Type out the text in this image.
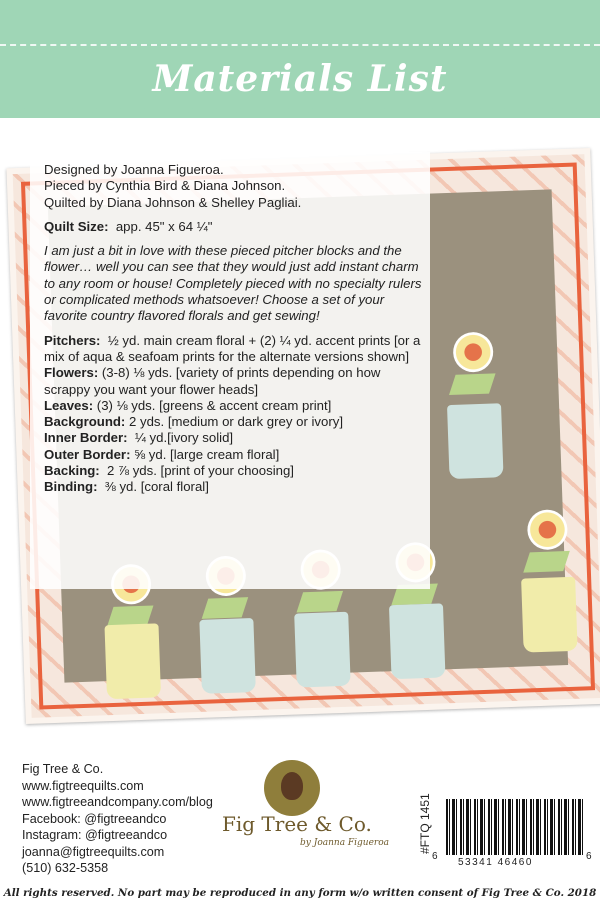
Materials List

Designed by Joanna Figueroa.

Pieced by Cynthia Bird & Diana Johnson.

Quilted by Diana Johnson & Shelley Pagliai.

Quilt Size: app. 45" x 64 ¼"

I am just a bit in love with these pieced pitcher blocks and the flower… well you can see that they would just add instant charm to any room or house! Completely pieced with no specialty rulers or complicated methods whatsoever! Choose a set of your favorite country flavored florals and get sewing!

Pitchers: ½ yd. main cream floral + (2) ¼ yd. accent prints [or a mix of aqua & seafoam prints for the alternate versions shown]

Flowers: (3-8) ⅛ yds. [variety of prints depending on how scrappy you want your flower heads]

Leaves: (3) ⅛ yds. [greens & accent cream print]

Background: 2 yds. [medium or dark grey or ivory]

Inner Border: ¼ yd.[ivory solid]

Outer Border: ⅝ yd. [large cream floral]

Backing: 2 ⅞ yds. [print of your choosing]

Binding: ⅜ yd. [coral floral]

Fig Tree & Co.
www.figtreequilts.com
www.figtreeandcompany.com/blog
Facebook: @figtreeandco
Instagram: @figtreeandco
joanna@figtreequilts.com
(510) 632-5358
Fig Tree & Co.
by Joanna Figueroa #FTQ 1451
6
53341 46460
6
All rights reserved. No part may be reproduced in any form w/o written consent of Fig Tree & Co. 2018
